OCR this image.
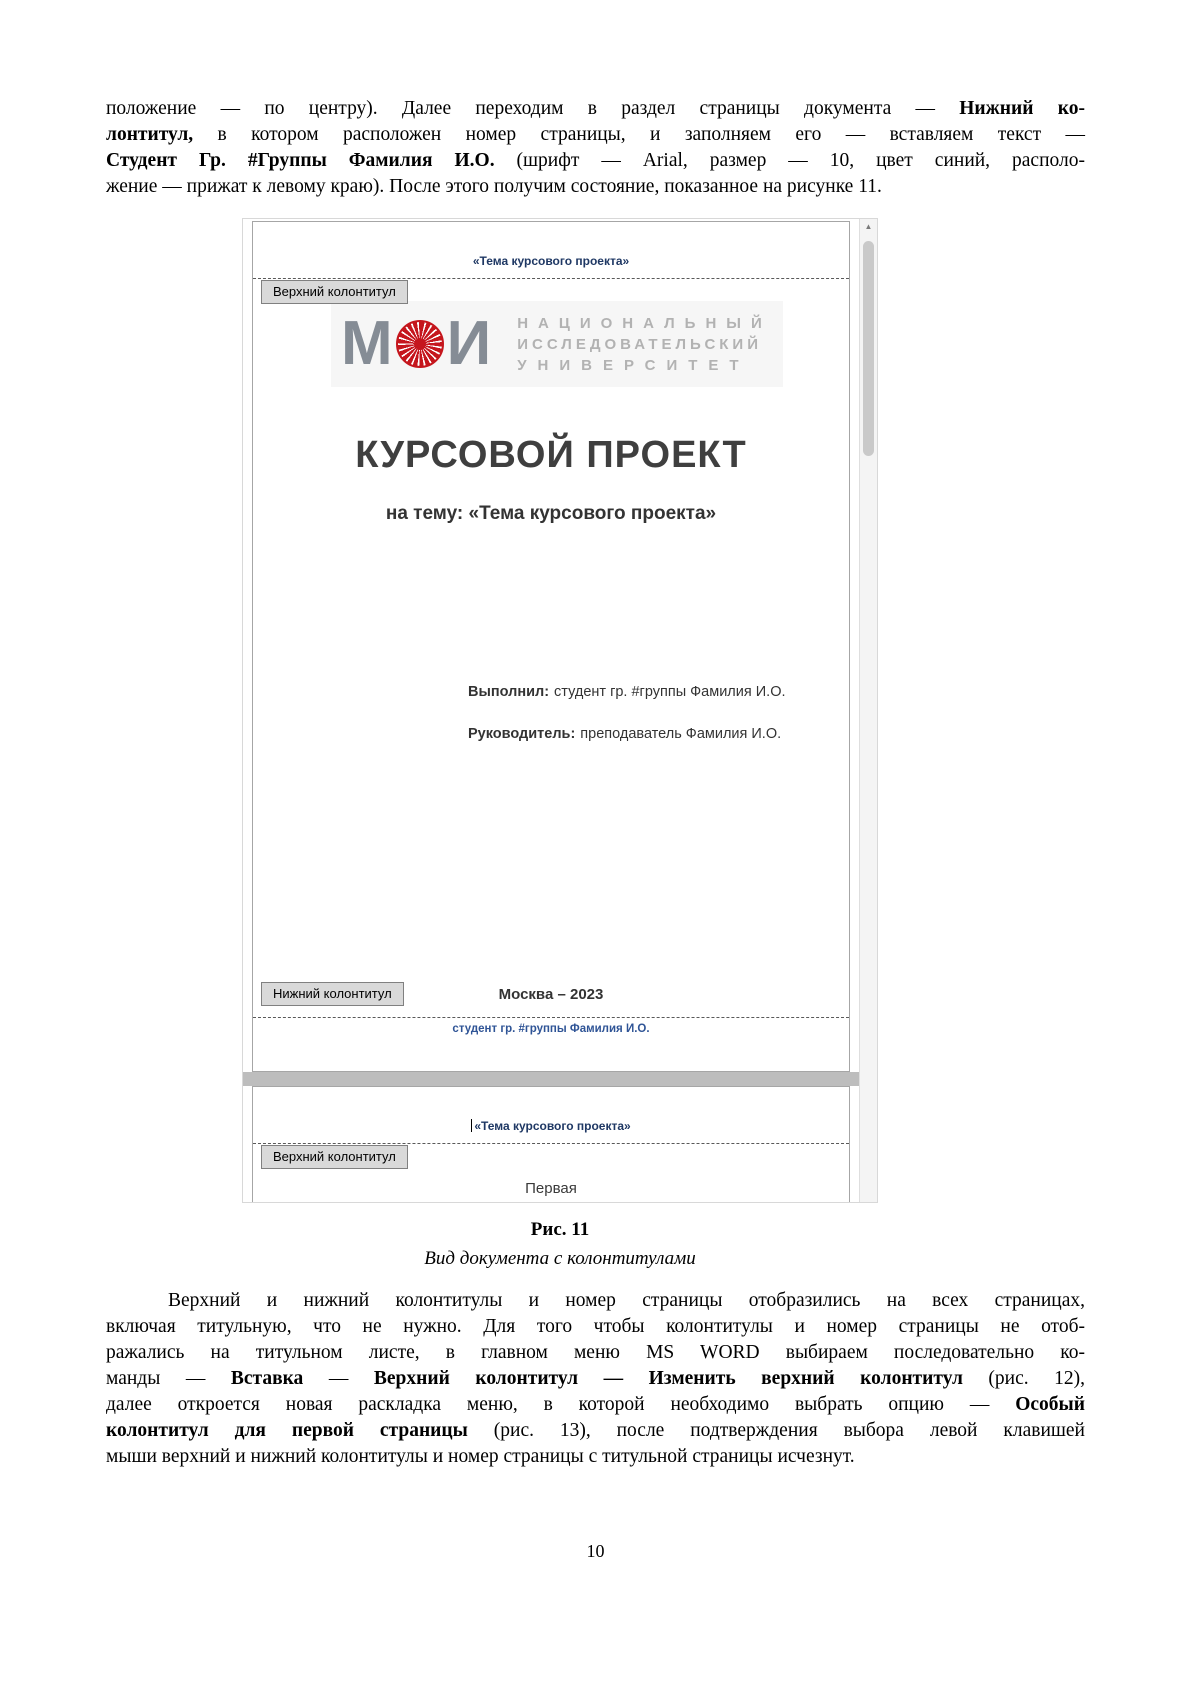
положение — по центру). Далее переходим в раздел страницы документа — Нижний ко-
лонтитул, в котором расположен номер страницы, и заполняем его — вставляем текст —
Студент Гр. #Группы Фамилия И.О. (шрифт — Arial, размер — 10, цвет синий, располо-
жение — прижат к левому краю). После этого получим состояние, показанное на рисунке 11.
«Тема курсового проекта»
Верхний колонтитул
М И НАЦИОНАЛЬНЫЙ
ИССЛЕДОВАТЕЛЬСКИЙ
УНИВЕРСИТЕТ
КУРСОВОЙ ПРОЕКТ
на тему: «Тема курсового проекта»
Выполнил: студент гр. #группы Фамилия И.О.
Руководитель: преподаватель Фамилия И.О.
Нижний колонтитул	Москва – 2023
студент гр. #группы Фамилия И.О.
«Тема курсового проекта»
Верхний колонтитул
Первая
▲
Рис. 11
Вид документа с колонтитулами
Верхний и нижний колонтитулы и номер страницы отобразились на всех страницах,
включая титульную, что не нужно. Для того чтобы колонтитулы и номер страницы не отоб-
ражались на титульном листе, в главном меню MS WORD выбираем последовательно ко-
манды — Вставка — Верхний колонтитул — Изменить верхний колонтитул (рис. 12),
далее откроется новая раскладка меню, в которой необходимо выбрать опцию — Особый
колонтитул для первой страницы (рис. 13), после подтверждения выбора левой клавишей
мыши верхний и нижний колонтитулы и номер страницы с титульной страницы исчезнут.
10
